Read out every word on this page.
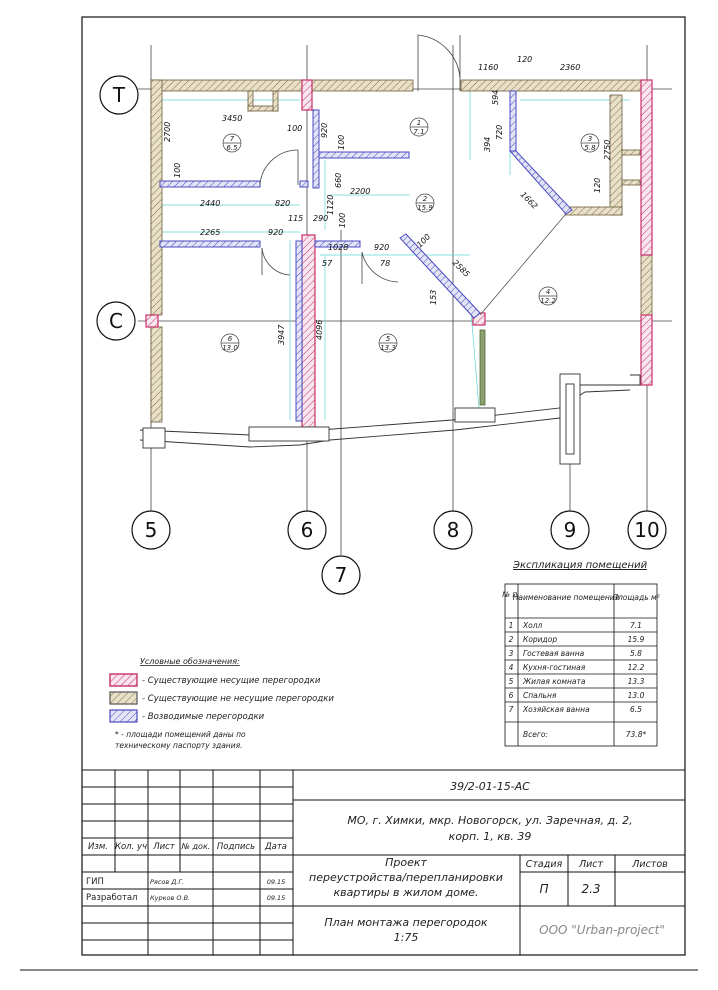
T
C
5	6
7
8	9	10
1
7.1
2
15.9
3
5.8
4
12.2
5
13.3
6
13.0
7
6.5
1160
120
2360
3450
100 920
100
594
720
394	2750
2700
100
660
2200	1662
120
2440	820
115 290
1120
100
2265	920
1028	920	100
57	78	2585
153
3947	4096
Экспликация помещений
№ п.
Наименование помещения
Площадь м²
1 Холл	7.1
2 Коридор	15.9
3 Гостевая ванна	5.8
4 Кухня-гостиная	12.2
5 Жилая комната	13.3
6 Спальня	13.0
7 Хозяйская ванна	6.5
Всего:	73.8*
Условные обозначения:
- Существующие несущие перегородки
- Существующие не несущие перегородки
- Возводимые перегородки
* - площади помещений даны по
техническому паспорту здания.
39/2-01-15-АС
МО, г. Химки, мкр. Новогорск, ул. Заречная, д. 2,
корп. 1, кв. 39
Изм. Кол. уч Лист № док. Подпись Дата
ГИП	Рясов Д.Г.	09.15
Разработал Курков О.В.	09.15
Проект
переустройства/перепланировки
квартиры в жилом доме.
Стадия Лист	Листов
П	2.3
План монтажа перегородок
1:75
ООО "Urban-project"
